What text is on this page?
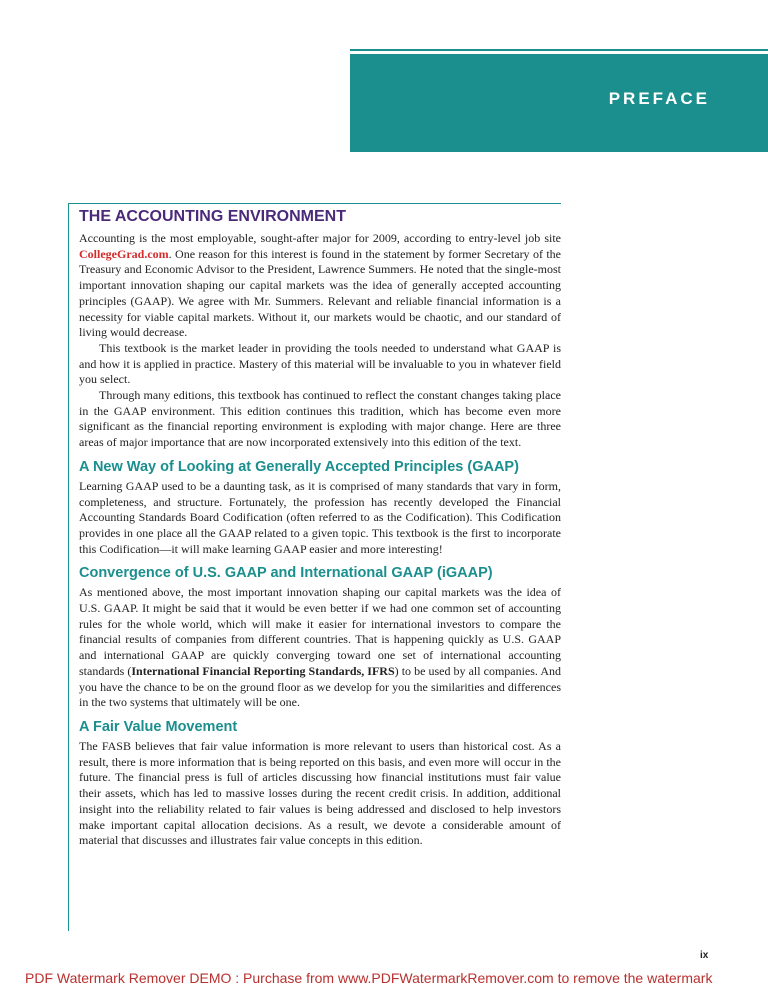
PREFACE
THE ACCOUNTING ENVIRONMENT

Accounting is the most employable, sought-after major for 2009, according to entry-level job site CollegeGrad.com. One reason for this interest is found in the statement by former Secretary of the Treasury and Economic Advisor to the President, Lawrence Summers. He noted that the single-most important innovation shaping our capital markets was the idea of generally accepted accounting principles (GAAP). We agree with Mr. Summers. Relevant and reliable financial information is a necessity for viable capital markets. Without it, our markets would be chaotic, and our standard of living would decrease.

This textbook is the market leader in providing the tools needed to understand what GAAP is and how it is applied in practice. Mastery of this material will be invaluable to you in whatever field you select.

Through many editions, this textbook has continued to reflect the constant changes taking place in the GAAP environment. This edition continues this tradition, which has become even more significant as the financial reporting environment is exploding with major change. Here are three areas of major importance that are now incorporated extensively into this edition of the text.

A New Way of Looking at Generally Accepted Principles (GAAP)

Learning GAAP used to be a daunting task, as it is comprised of many standards that vary in form, completeness, and structure. Fortunately, the profession has recently developed the Financial Accounting Standards Board Codification (often referred to as the Codification). This Codification provides in one place all the GAAP related to a given topic. This textbook is the first to incorporate this Codification—it will make learning GAAP easier and more interesting!

Convergence of U.S. GAAP and International GAAP (iGAAP)

As mentioned above, the most important innovation shaping our capital markets was the idea of U.S. GAAP. It might be said that it would be even better if we had one common set of accounting rules for the whole world, which will make it easier for international investors to compare the financial results of companies from different countries. That is happening quickly as U.S. GAAP and international GAAP are quickly converging toward one set of international accounting standards (International Financial Reporting Standards, IFRS) to be used by all companies. And you have the chance to be on the ground floor as we develop for you the similarities and differences in the two systems that ultimately will be one.

A Fair Value Movement

The FASB believes that fair value information is more relevant to users than historical cost. As a result, there is more information that is being reported on this basis, and even more will occur in the future. The financial press is full of articles discussing how financial institutions must fair value their assets, which has led to massive losses during the recent credit crisis. In addition, additional insight into the reliability related to fair values is being addressed and disclosed to help investors make important capital allocation decisions. As a result, we devote a considerable amount of material that discusses and illustrates fair value concepts in this edition.

ix
PDF Watermark Remover DEMO : Purchase from www.PDFWatermarkRemover.com to remove the watermark
